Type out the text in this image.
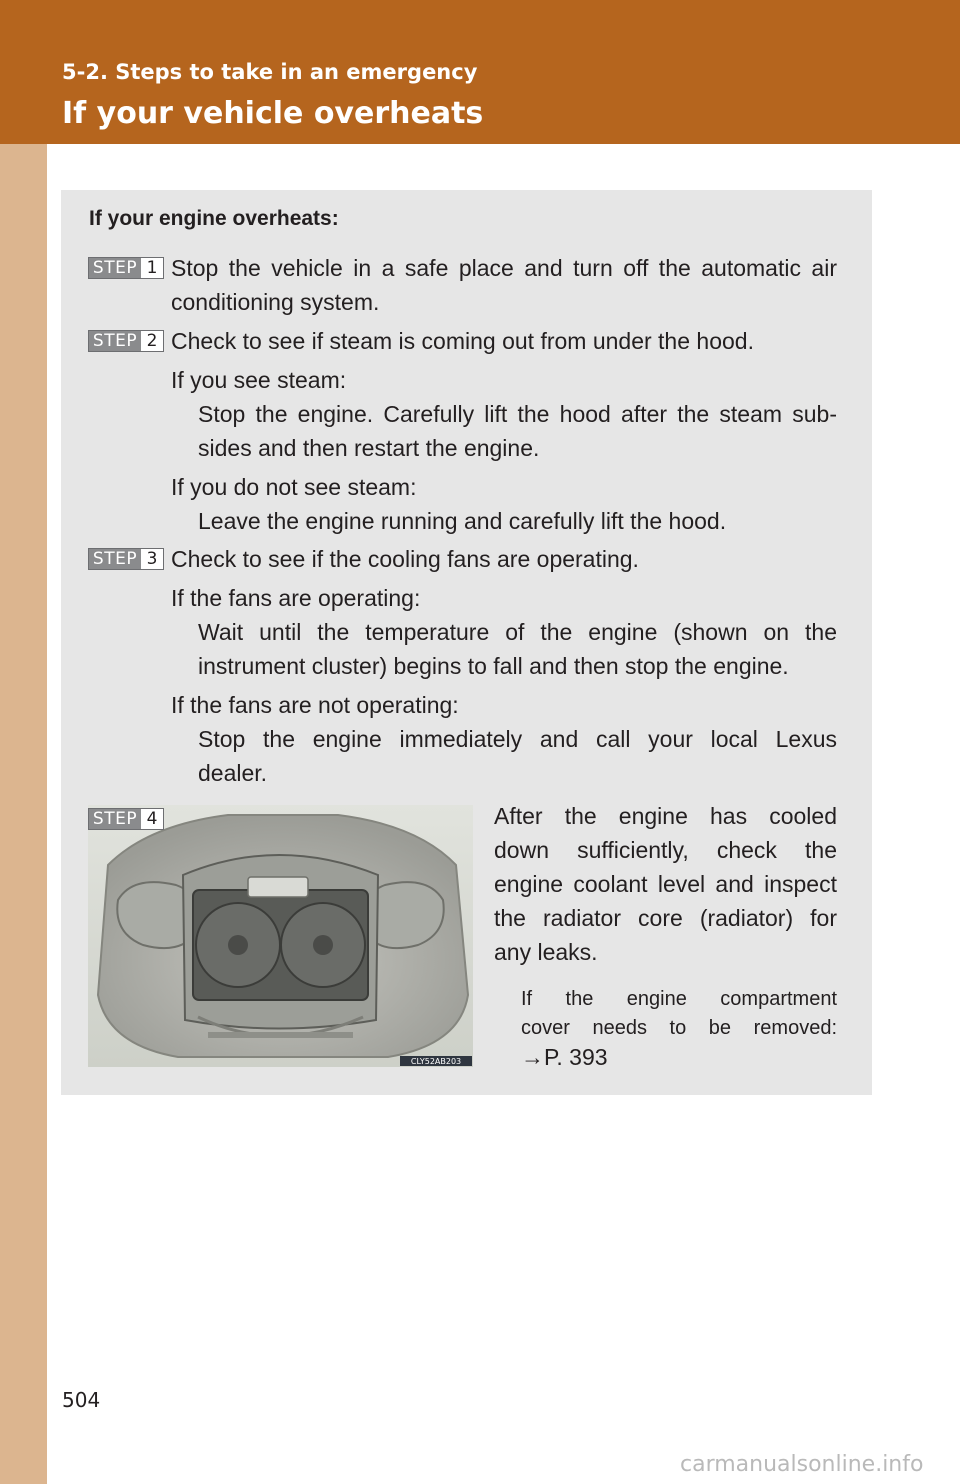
5-2. Steps to take in an emergency
If your vehicle overheats
If your engine overheats:
STEP 1 Stop the vehicle in a safe place and turn off the automatic air
conditioning system.
STEP 2 Check to see if steam is coming out from under the hood.
If you see steam:
Stop the engine. Carefully lift the hood after the steam sub-
sides and then restart the engine.
If you do not see steam:
Leave the engine running and carefully lift the hood.
STEP 3 Check to see if the cooling fans are operating.
If the fans are operating:
Wait until the temperature of the engine (shown on the
instrument cluster) begins to fall and then stop the engine.
If the fans are not operating:
Stop the engine immediately and call your local Lexus
dealer.
CLY52AB203
STEP 4	After the engine has cooled
down sufficiently, check the
engine coolant level and inspect
the radiator core (radiator) for
any leaks.
If the engine compartment
cover needs to be removed:
→P. 393
504
carmanualsonline.info
